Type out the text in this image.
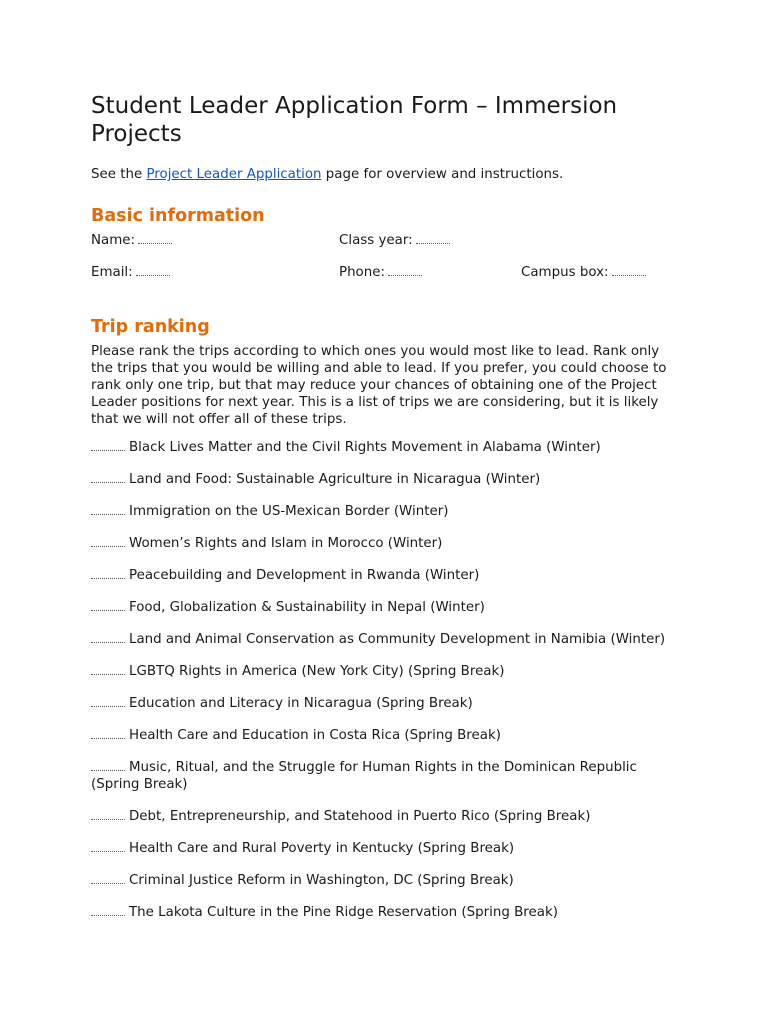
Student Leader Application Form – Immersion Projects

See the Project Leader Application page for overview and instructions.

Basic information
Name:	Class year:
Email:	Phone:	Campus box:
Trip ranking

Please rank the trips according to which ones you would most like to lead. Rank only the trips that you would be willing and able to lead. If you prefer, you could choose to rank only one trip, but that may reduce your chances of obtaining one of the Project Leader positions for next year. This is a list of trips we are considering, but it is likely that we will not offer all of these trips.

Black Lives Matter and the Civil Rights Movement in Alabama (Winter)
Land and Food: Sustainable Agriculture in Nicaragua (Winter)
Immigration on the US-Mexican Border (Winter)
Women’s Rights and Islam in Morocco (Winter)
Peacebuilding and Development in Rwanda (Winter)
Food, Globalization & Sustainability in Nepal (Winter)
Land and Animal Conservation as Community Development in Namibia (Winter)
LGBTQ Rights in America (New York City) (Spring Break)
Education and Literacy in Nicaragua (Spring Break)
Health Care and Education in Costa Rica (Spring Break)
Music, Ritual, and the Struggle for Human Rights in the Dominican Republic (Spring Break)
Debt, Entrepreneurship, and Statehood in Puerto Rico (Spring Break)
Health Care and Rural Poverty in Kentucky (Spring Break)
Criminal Justice Reform in Washington, DC (Spring Break)
The Lakota Culture in the Pine Ridge Reservation (Spring Break)
